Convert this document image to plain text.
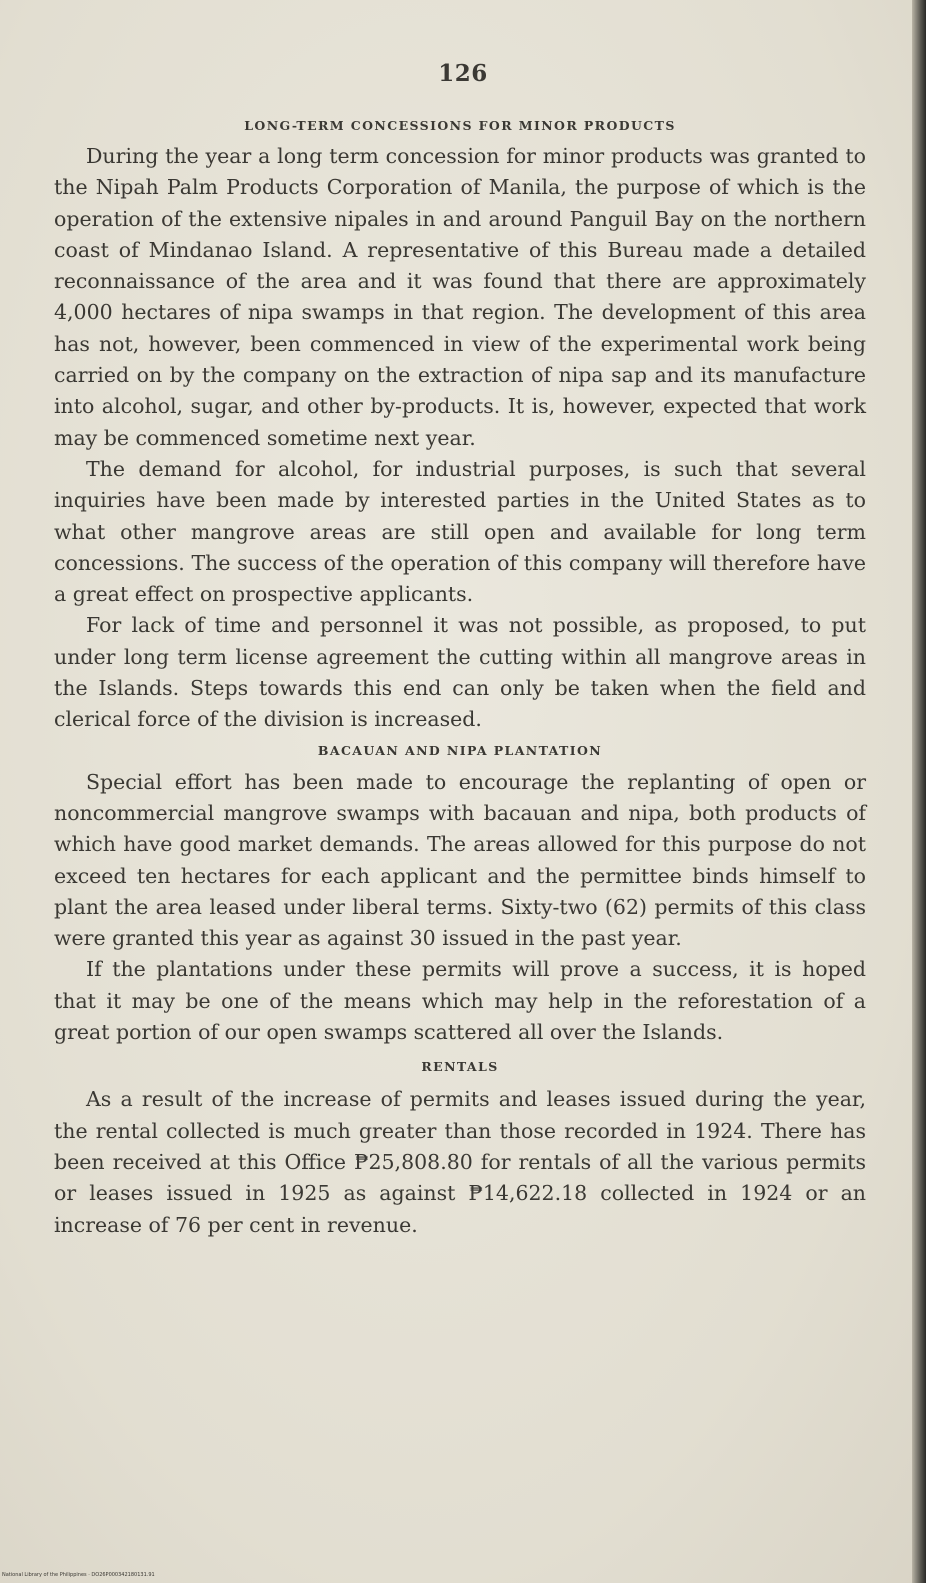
126

LONG-TERM CONCESSIONS FOR MINOR PRODUCTS

During the year a long term concession for minor products was granted to the Nipah Palm Products Corporation of Manila, the purpose of which is the operation of the extensive nipales in and around Panguil Bay on the northern coast of Mindanao Island. A representative of this Bureau made a detailed reconnaissance of the area and it was found that there are approximately 4,000 hectares of nipa swamps in that region. The development of this area has not, however, been commenced in view of the experimental work being carried on by the company on the extraction of nipa sap and its manufacture into alcohol, sugar, and other by-products. It is, however, expected that work may be commenced sometime next year.

The demand for alcohol, for industrial purposes, is such that several inquiries have been made by interested parties in the United States as to what other mangrove areas are still open and available for long term concessions. The success of the operation of this company will therefore have a great effect on prospective applicants.

For lack of time and personnel it was not possible, as proposed, to put under long term license agreement the cutting within all mangrove areas in the Islands. Steps towards this end can only be taken when the field and clerical force of the division is increased.

BACAUAN AND NIPA PLANTATION

Special effort has been made to encourage the replanting of open or noncommercial mangrove swamps with bacauan and nipa, both products of which have good market demands. The areas allowed for this purpose do not exceed ten hectares for each applicant and the permittee binds himself to plant the area leased under liberal terms. Sixty-two (62) permits of this class were granted this year as against 30 issued in the past year.

If the plantations under these permits will prove a success, it is hoped that it may be one of the means which may help in the reforestation of a great portion of our open swamps scattered all over the Islands.

RENTALS

As a result of the increase of permits and leases issued during the year, the rental collected is much greater than those recorded in 1924. There has been received at this Office ₱25,808.80 for rentals of all the various permits or leases issued in 1925 as against ₱14,622.18 collected in 1924 or an increase of 76 per cent in revenue.

National Library of the Philippines · DO26P000342180131.91
